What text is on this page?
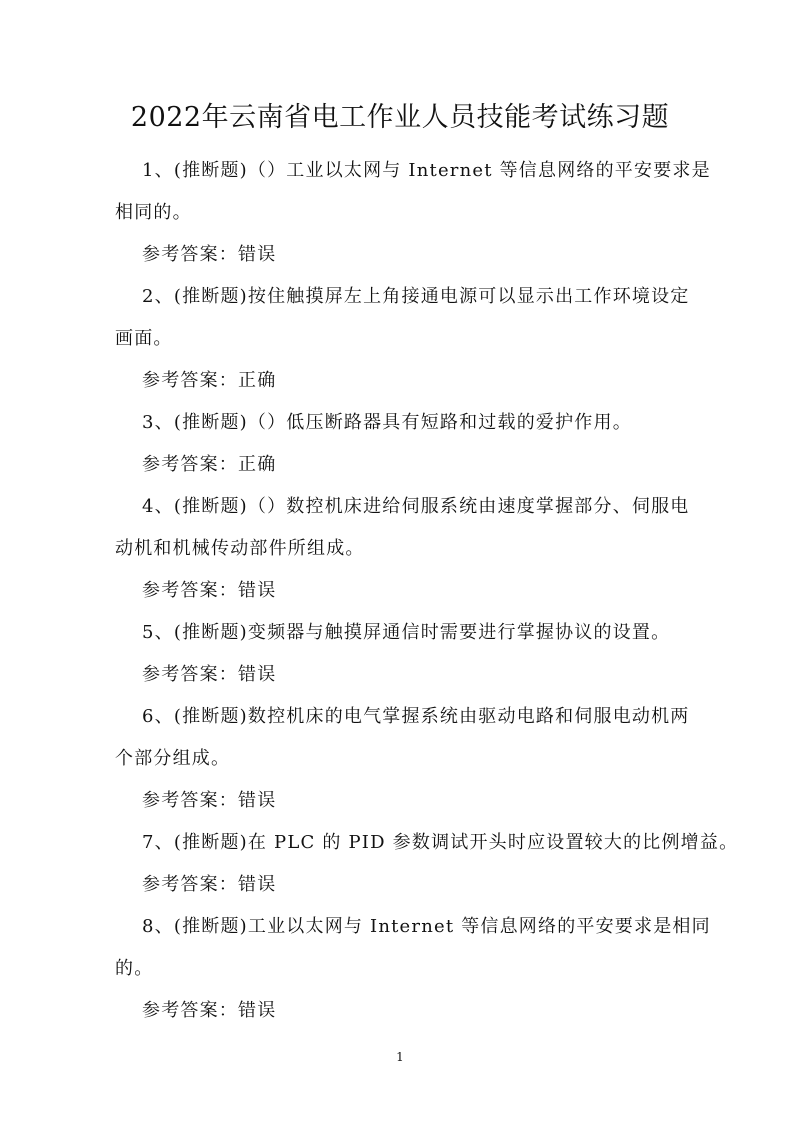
2022年云南省电工作业人员技能考试练习题
1、(推断题)（）工业以太网与 Internet 等信息网络的平安要求是
相同的。
参考答案：错误
2、(推断题)按住触摸屏左上角接通电源可以显示出工作环境设定
画面。
参考答案：正确
3、(推断题)（）低压断路器具有短路和过载的爱护作用。
参考答案：正确
4、(推断题)（）数控机床进给伺服系统由速度掌握部分、伺服电
动机和机械传动部件所组成。
参考答案：错误
5、(推断题)变频器与触摸屏通信时需要进行掌握协议的设置。
参考答案：错误
6、(推断题)数控机床的电气掌握系统由驱动电路和伺服电动机两
个部分组成。
参考答案：错误
7、(推断题)在 PLC 的 PID 参数调试开头时应设置较大的比例增益。
参考答案：错误
8、(推断题)工业以太网与 Internet 等信息网络的平安要求是相同
的。
参考答案：错误
1
